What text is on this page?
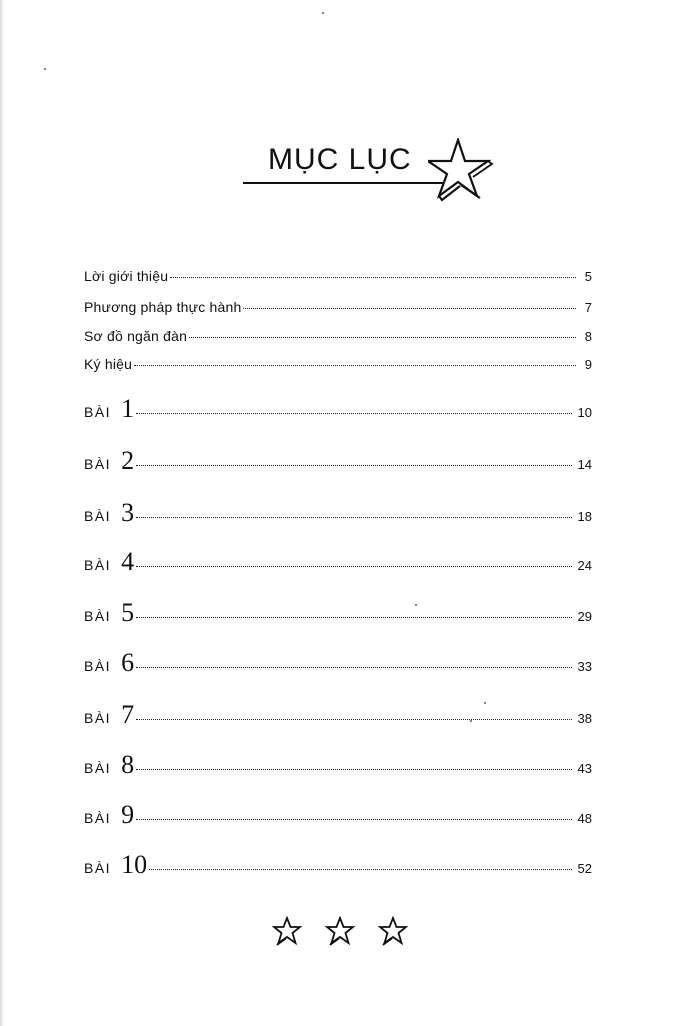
MỤC LỤC
Lời giới thiệu	5
Phương pháp thực hành	7
Sơ đồ ngăn đàn	8
Ký hiệu	9
BÀI 1	10
BÀI 2	14
BÀI 3	18
BÀI 4	24
BÀI 5	29
BÀI 6	33
BÀI 7	38
BÀI 8	43
BÀI 9	48
BÀI 10	52
